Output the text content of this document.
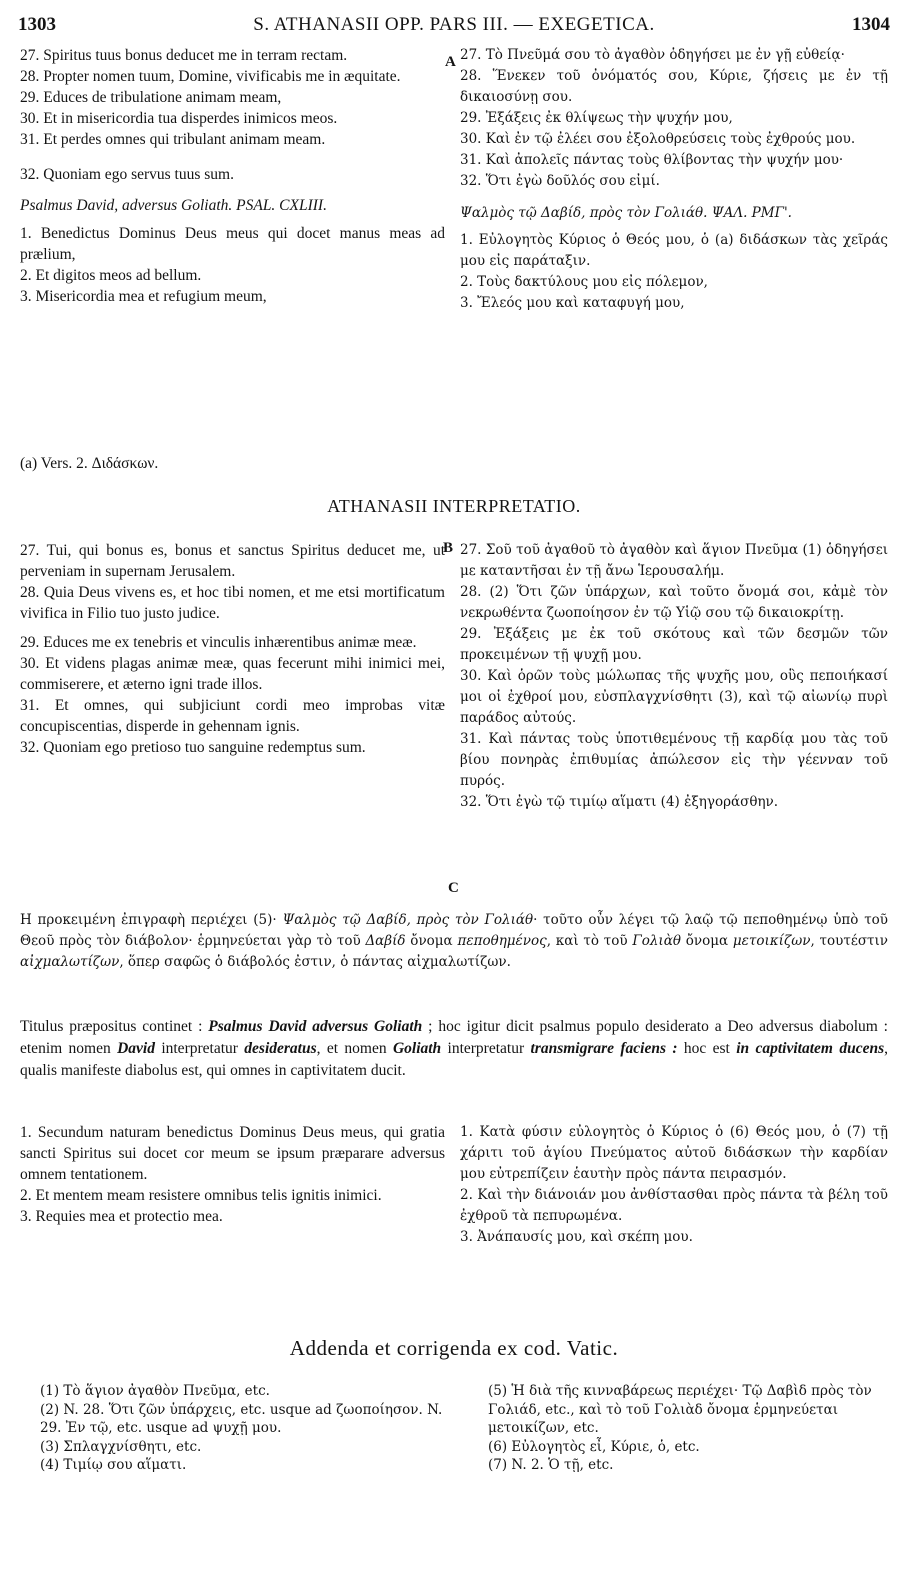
1303	S. ATHANASII OPP. PARS III. — EXEGETICA.	1304
A
B
C

27. Spiritus tuus bonus deducet me in terram rectam.

28. Propter nomen tuum, Domine, vivificabis me in æquitate.

29. Educes de tribulatione animam meam,

30. Et in misericordia tua disperdes inimicos meos.

31. Et perdes omnes qui tribulant animam meam.

32. Quoniam ego servus tuus sum.

Psalmus David, adversus Goliath. PSAL. CXLIII.

1. Benedictus Dominus Deus meus qui docet manus meas ad prælium,

2. Et digitos meos ad bellum.

3. Misericordia mea et refugium meum,

27. Τὸ Πνεῦμά σου τὸ ἀγαθὸν ὁδηγήσει με ἐν γῇ εὐθείᾳ·

28. Ἕνεκεν τοῦ ὀνόματός σου, Κύριε, ζήσεις με ἐν τῇ δικαιοσύνῃ σου.

29. Ἐξάξεις ἐκ θλίψεως τὴν ψυχήν μου,

30. Καὶ ἐν τῷ ἐλέει σου ἐξολοθρεύσεις τοὺς ἐχθρούς μου.

31. Καὶ ἀπολεῖς πάντας τοὺς θλίβοντας τὴν ψυχήν μου·

32. Ὅτι ἐγὼ δοῦλός σου εἰμί.

Ψαλμὸς τῷ Δαβίδ, πρὸς τὸν Γολιάθ. ΨΑΛ. ΡΜΓ'.

1. Εὐλογητὸς Κύριος ὁ Θεός μου, ὁ (a) διδάσκων τὰς χεῖράς μου εἰς παράταξιν.

2. Τοὺς δακτύλους μου εἰς πόλεμον,

3. Ἔλεός μου καὶ καταφυγή μου,

(a) Vers. 2. Διδάσκων.

ATHANASII INTERPRETATIO.

27. Tui, qui bonus es, bonus et sanctus Spiritus deducet me, ut perveniam in supernam Jerusalem.

28. Quia Deus vivens es, et hoc tibi nomen, et me etsi mortificatum vivifica in Filio tuo justo judice.

29. Educes me ex tenebris et vinculis inhærentibus animæ meæ.

30. Et videns plagas animæ meæ, quas fecerunt mihi inimici mei, commiserere, et æterno igni trade illos.

31. Et omnes, qui subjiciunt cordi meo improbas vitæ concupiscentias, disperde in gehennam ignis.

32. Quoniam ego pretioso tuo sanguine redemptus sum.

27. Σοῦ τοῦ ἀγαθοῦ τὸ ἀγαθὸν καὶ ἅγιον Πνεῦμα (1) ὁδηγήσει με καταντῆσαι ἐν τῇ ἄνω Ἱερουσαλήμ.

28. (2) Ὅτι ζῶν ὑπάρχων, καὶ τοῦτο ὄνομά σοι, κἀμὲ τὸν νεκρωθέντα ζωοποίησον ἐν τῷ Υἱῷ σου τῷ δικαιοκρίτῃ.

29. Ἐξάξεις με ἐκ τοῦ σκότους καὶ τῶν δεσμῶν τῶν προκειμένων τῇ ψυχῇ μου.

30. Καὶ ὁρῶν τοὺς μώλωπας τῆς ψυχῆς μου, οὓς πεποιήκασί μοι οἱ ἐχθροί μου, εὐσπλαγχνίσθητι (3), καὶ τῷ αἰωνίῳ πυρὶ παράδος αὐτούς.

31. Καὶ πάντας τοὺς ὑποτιθεμένους τῇ καρδίᾳ μου τὰς τοῦ βίου πονηρὰς ἐπιθυμίας ἀπώλεσον εἰς τὴν γέενναν τοῦ πυρός.

32. Ὅτι ἐγὼ τῷ τιμίῳ αἵματι (4) ἐξηγοράσθην.

Η προκειμένη ἐπιγραφὴ περιέχει (5)· Ψαλμὸς τῷ Δαβίδ, πρὸς τὸν Γολιάθ· τοῦτο οὖν λέγει τῷ λαῷ τῷ πεποθημένῳ ὑπὸ τοῦ Θεοῦ πρὸς τὸν διάβολον· ἑρμηνεύεται γὰρ τὸ τοῦ Δαβίδ ὄνομα πεποθημένος, καὶ τὸ τοῦ Γολιὰθ ὄνομα μετοικίζων, τουτέστιν αἰχμαλωτίζων, ὅπερ σαφῶς ὁ διάβολός ἐστιν, ὁ πάντας αἰχμαλωτίζων.
Titulus præpositus continet : Psalmus David adversus Goliath ; hoc igitur dicit psalmus populo desiderato a Deo adversus diabolum : etenim nomen David interpretatur desideratus, et nomen Goliath interpretatur transmigrare faciens : hoc est in captivitatem ducens, qualis manifeste diabolus est, qui omnes in captivitatem ducit.

1. Secundum naturam benedictus Dominus Deus meus, qui gratia sancti Spiritus sui docet cor meum se ipsum præparare adversus omnem tentationem.

2. Et mentem meam resistere omnibus telis ignitis inimici.

3. Requies mea et protectio mea.

1. Κατὰ φύσιν εὐλογητὸς ὁ Κύριος ὁ (6) Θεός μου, ὁ (7) τῇ χάριτι τοῦ ἁγίου Πνεύματος αὐτοῦ διδάσκων τὴν καρδίαν μου εὐτρεπίζειν ἑαυτὴν πρὸς πάντα πειρασμόν.

2. Καὶ τὴν διάνοιάν μου ἀνθίστασθαι πρὸς πάντα τὰ βέλη τοῦ ἐχθροῦ τὰ πεπυρωμένα.

3. Ἀνάπαυσίς μου, καὶ σκέπη μου.

Addenda et corrigenda ex cod. Vatic.

(1) Τὸ ἅγιον ἀγαθὸν Πνεῦμα, etc.

(2) N. 28. Ὅτι ζῶν ὑπάρχεις, etc. usque ad ζωοποίησον. N. 29. Ἐν τῷ, etc. usque ad ψυχῇ μου.

(3) Σπλαγχνίσθητι, etc.

(4) Τιμίῳ σου αἵματι.

(5) Ἡ διὰ τῆς κινναβάρεως περιέχει· Τῷ Δαβὶδ πρὸς τὸν Γολιάδ, etc., καὶ τὸ τοῦ Γολιὰδ ὄνομα ἑρμηνεύεται μετοικίζων, etc.

(6) Εὐλογητὸς εἶ, Κύριε, ὁ, etc.

(7) N. 2. Ὁ τῇ, etc.
